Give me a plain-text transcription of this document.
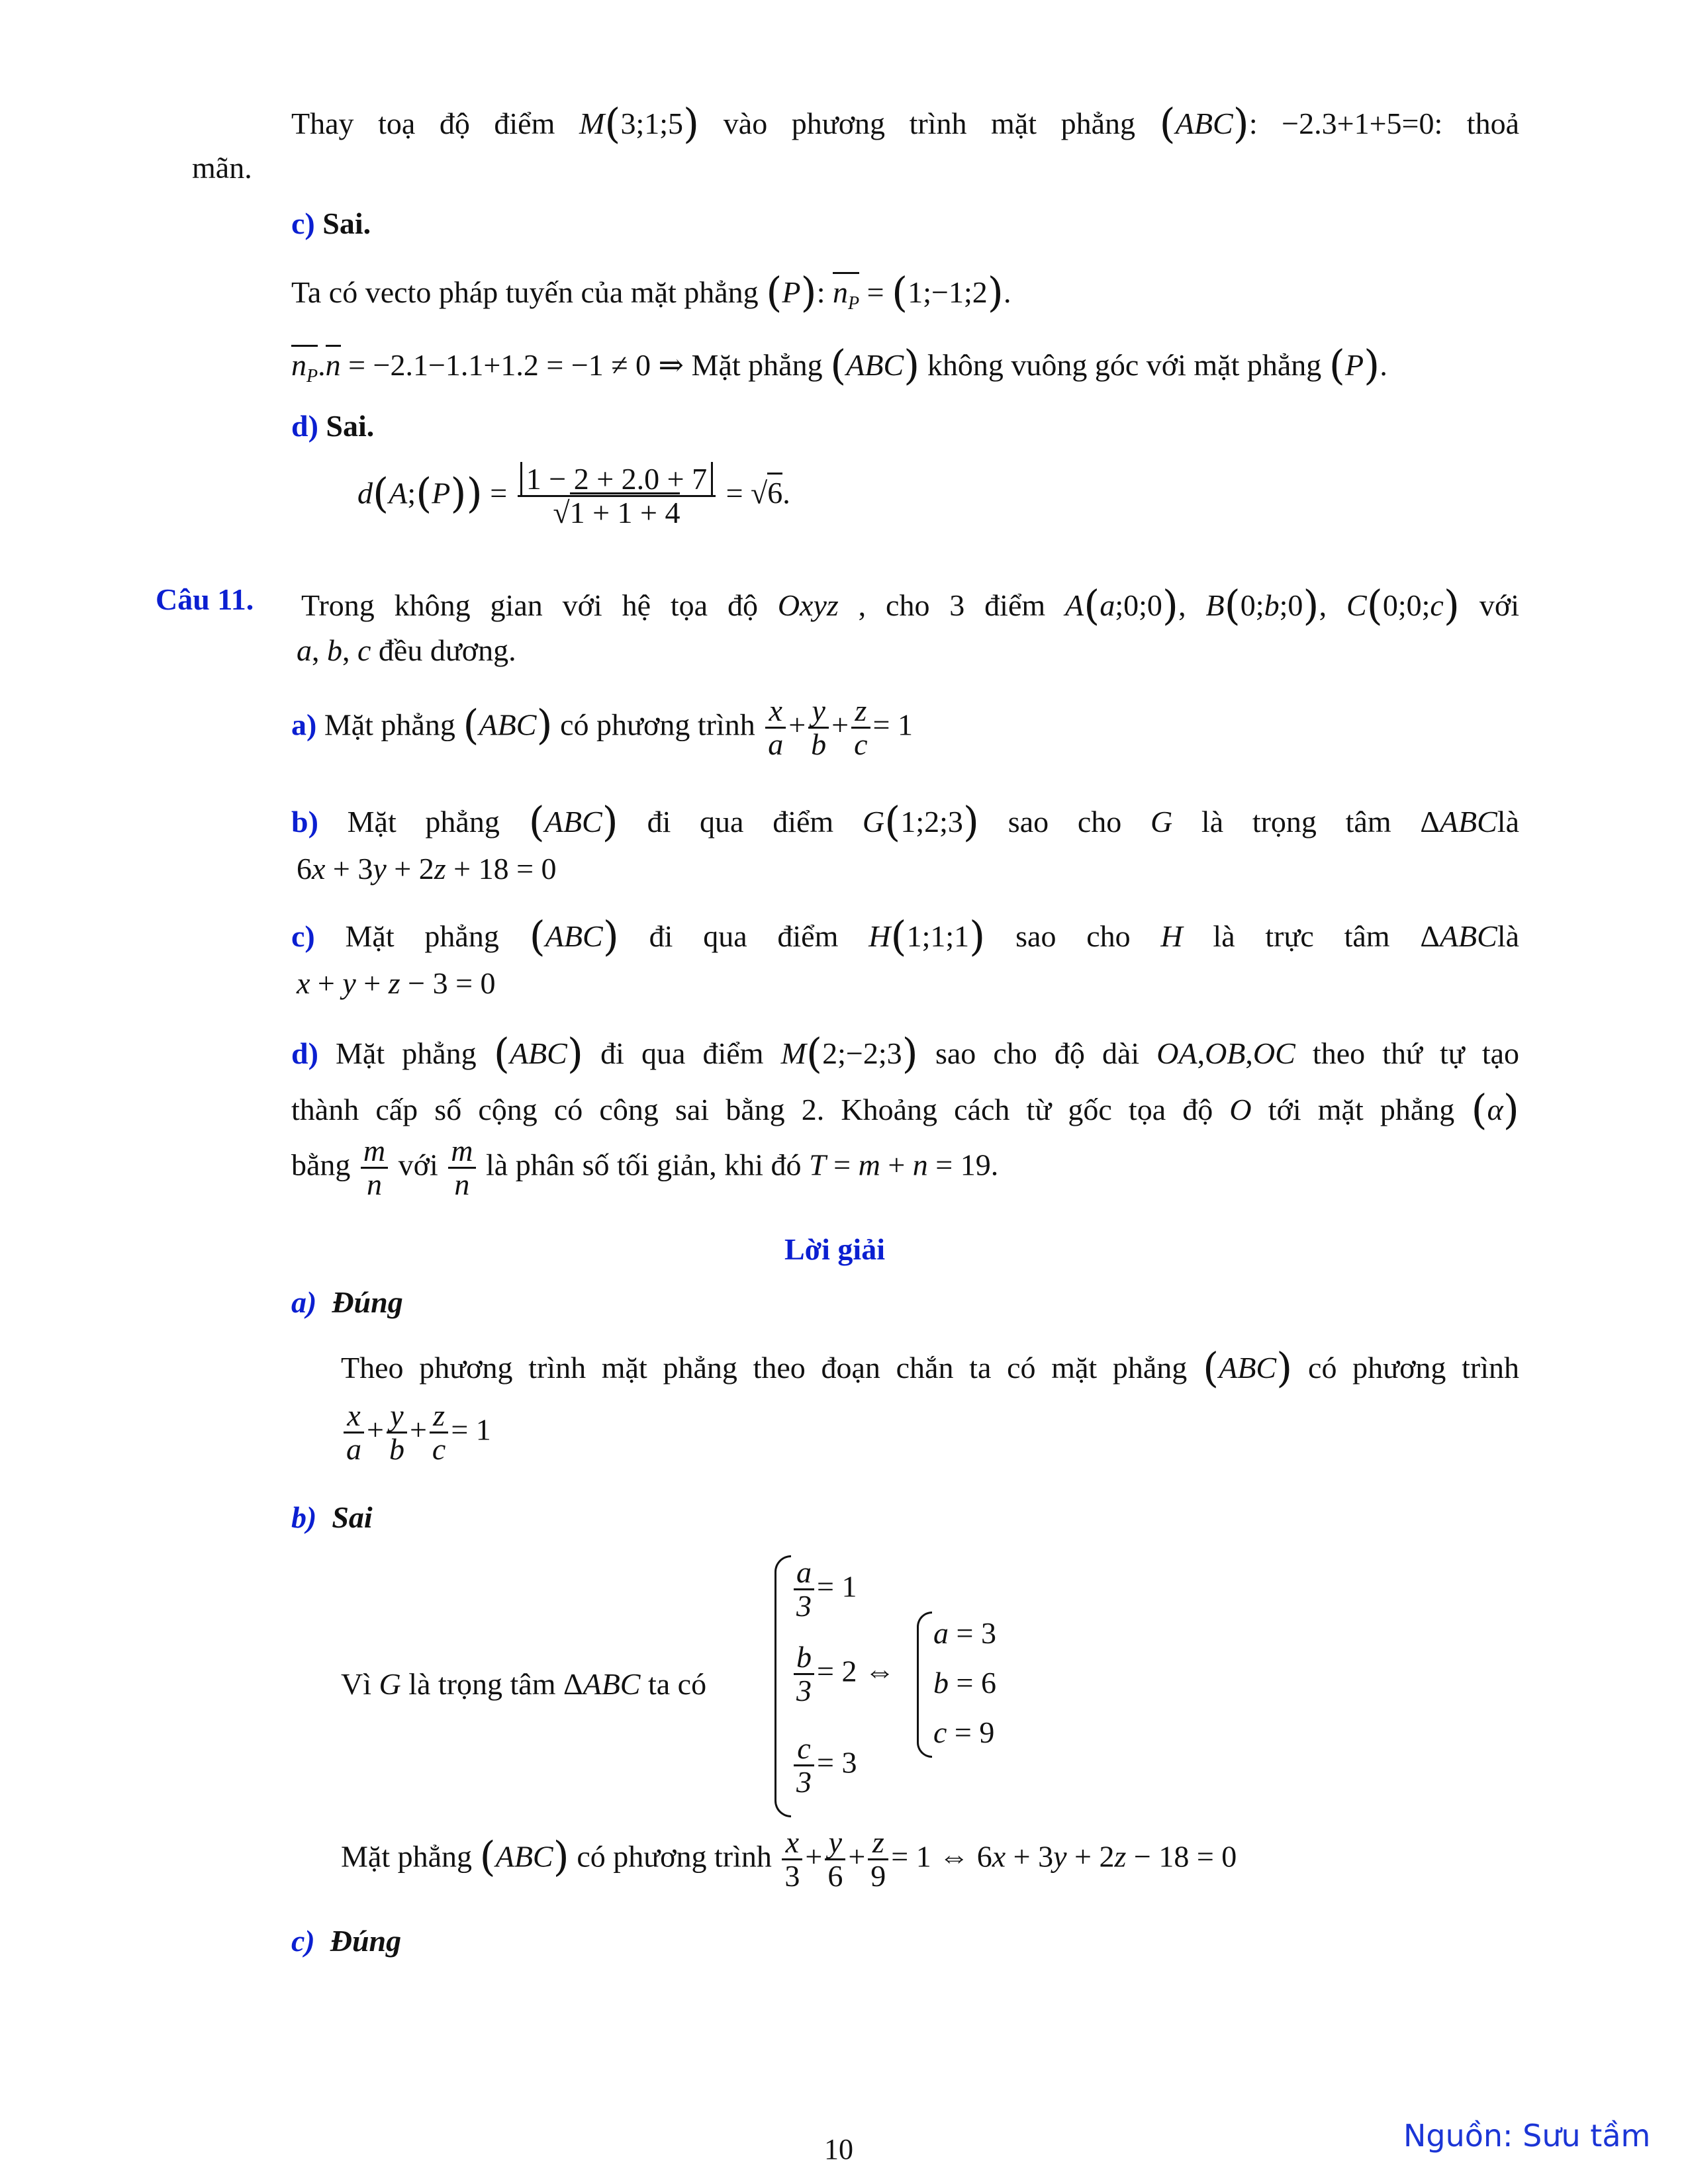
Thay toạ độ điểm M(3;1;5) vào phương trình mặt phẳng (ABC): −2.3+1+5=0: thoả
mãn.
c) Sai.
Ta có vecto pháp tuyến của mặt phẳng (P): $n_P$ = (1;−1;2).
$n_P.n = -2.1-1.1+1.2 = -1 \ne 0$ ⇒ Mặt phẳng (ABC) không vuông góc với mặt phẳng (P).
d) Sai.
d(A;(P)) = $\frac{1 - 2 + 2.0 + 7}{√1 + 1 + 4} = √6$.
Câu 11. Trong không gian với hệ tọa độ Oxyz , cho 3 điểm A(a;0;0), B(0;b;0), C(0;0;c) với
a, b, c đều dương.
a) Mặt phẳng (ABC) có phương trình $\frac{x}{a} + \frac{y}{b} + \frac{z}{c} = 1$
b) Mặt phẳng (ABC) đi qua điểm G(1;2;3) sao cho G là trọng tâm ΔABClà
6x + 3y + 2z + 18 = 0
c) Mặt phẳng (ABC) đi qua điểm H(1;1;1) sao cho H là trực tâm ΔABClà
x + y + z − 3 = 0
d) Mặt phẳng (ABC) đi qua điểm M(2;−2;3) sao cho độ dài OA,OB,OC theo thứ tự tạo
thành cấp số cộng có công sai bằng 2. Khoảng cách từ gốc tọa độ O tới mặt phẳng (α)
bằng $\frac{m}{n}$ với $\frac{m}{n}$ là phân số tối giản, khi đó T = m + n = 19.
Lời giải
a) Đúng
Theo phương trình mặt phẳng theo đoạn chắn ta có mặt phẳng (ABC) có phương trình
$\frac{x}{a} + \frac{y}{b} + \frac{z}{c} = 1$
b) Sai
Vì G là trọng tâm ΔABC ta có
$\frac{a}{3} = 1$
$\frac{b}{3} = 2$ ⇔
$\frac{c}{3} = 3$
a = 3
b = 6
c = 9
Mặt phẳng (ABC) có phương trình $\frac{x}{3} + \frac{y}{6} + \frac{z}{9} = 1$ ⇔ 6x + 3y + 2z − 18 = 0
c) Đúng
Nguồn: Sưu tầm
10
